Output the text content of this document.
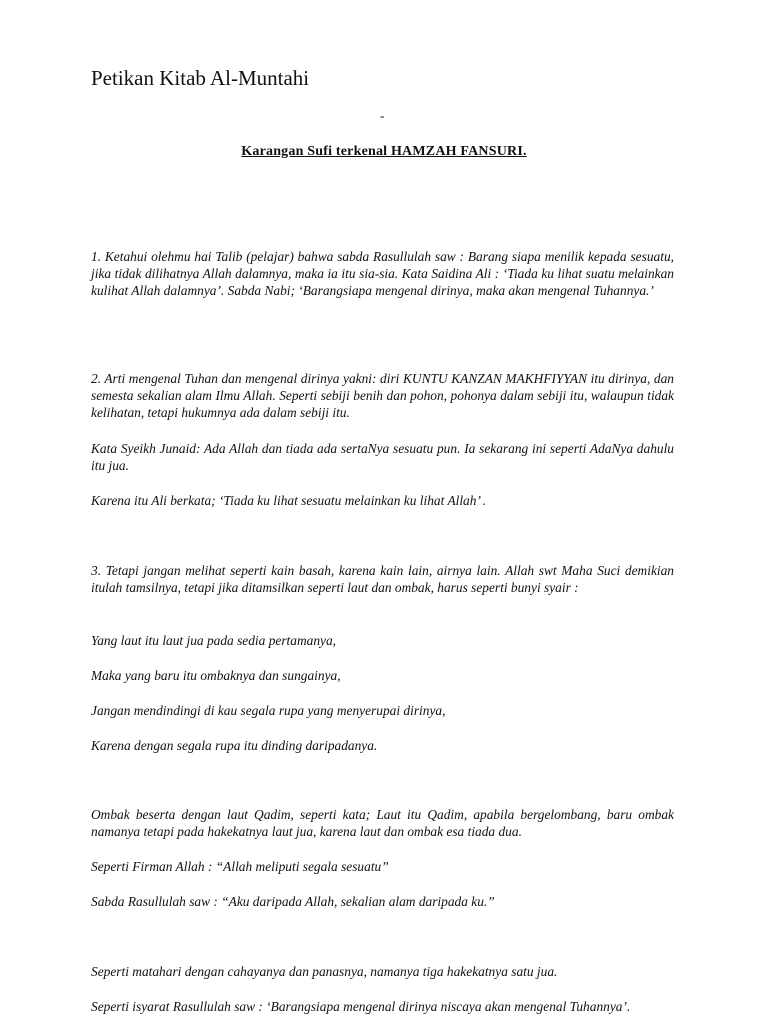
Petikan Kitab Al-Muntahi
-
Karangan Sufi terkenal HAMZAH FANSURI.

1. Ketahui olehmu hai Talib (pelajar) bahwa sabda Rasullulah saw : Barang siapa menilik kepada sesuatu, jika tidak dilihatnya Allah dalamnya, maka ia itu sia-sia. Kata Saidina Ali : ‘Tiada ku lihat suatu melainkan kulihat Allah dalamnya’. Sabda Nabi; ‘Barangsiapa mengenal dirinya, maka akan mengenal Tuhannya.’

2. Arti mengenal Tuhan dan mengenal dirinya yakni: diri KUNTU KANZAN MAKHFIYYAN itu dirinya, dan semesta sekalian alam Ilmu Allah. Seperti sebiji benih dan pohon, pohonya dalam sebiji itu, walaupun tidak kelihatan, tetapi hukumnya ada dalam sebiji itu.

Kata Syeikh Junaid: Ada Allah dan tiada ada sertaNya sesuatu pun. Ia sekarang ini seperti AdaNya dahulu itu jua.

Karena itu Ali berkata; ‘Tiada ku lihat sesuatu melainkan ku lihat Allah’ .

3. Tetapi jangan melihat seperti kain basah, karena kain lain, airnya lain. Allah swt Maha Suci demikian itulah tamsilnya, tetapi jika ditamsilkan seperti laut dan ombak, harus seperti bunyi syair :

Yang laut itu laut jua pada sedia pertamanya,

Maka yang baru itu ombaknya dan sungainya,

Jangan mendindingi di kau segala rupa yang menyerupai dirinya,

Karena dengan segala rupa itu dinding daripadanya.

Ombak beserta dengan laut Qadim, seperti kata; Laut itu Qadim, apabila bergelombang, baru ombak namanya tetapi pada hakekatnya laut jua, karena laut dan ombak esa tiada dua.

Seperti Firman Allah : “Allah meliputi segala sesuatu”

Sabda Rasullulah saw : “Aku daripada Allah, sekalian alam daripada ku.”

Seperti matahari dengan cahayanya dan panasnya, namanya tiga hakekatnya satu jua.

Seperti isyarat Rasullulah saw : ‘Barangsiapa mengenal dirinya niscaya akan mengenal Tuhannya’.
